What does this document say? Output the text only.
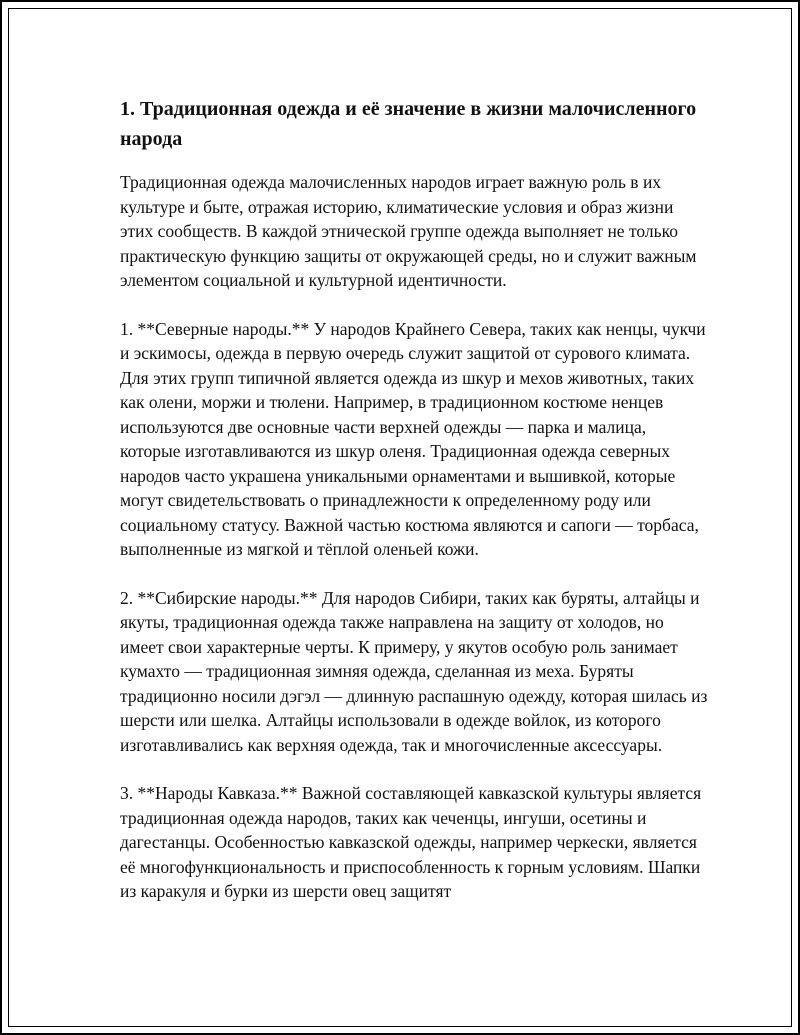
1. Традиционная одежда и её значение в жизни малочисленного народа

Традиционная одежда малочисленных народов играет важную роль в их культуре и быте, отражая историю, климатические условия и образ жизни этих сообществ. В каждой этнической группе одежда выполняет не только практическую функцию защиты от окружающей среды, но и служит важным элементом социальной и культурной идентичности.

1. **Северные народы.** У народов Крайнего Севера, таких как ненцы, чукчи и эскимосы, одежда в первую очередь служит защитой от сурового климата. Для этих групп типичной является одежда из шкур и мехов животных, таких как олени, моржи и тюлени. Например, в традиционном костюме ненцев используются две основные части верхней одежды — парка и малица, которые изготавливаются из шкур оленя. Традиционная одежда северных народов часто украшена уникальными орнаментами и вышивкой, которые могут свидетельствовать о принадлежности к определенному роду или социальному статусу. Важной частью костюма являются и сапоги — торбаса, выполненные из мягкой и тёплой оленьей кожи.

2. **Сибирские народы.** Для народов Сибири, таких как буряты, алтайцы и якуты, традиционная одежда также направлена на защиту от холодов, но имеет свои характерные черты. К примеру, у якутов особую роль занимает кумахто — традиционная зимняя одежда, сделанная из меха. Буряты традиционно носили дэгэл — длинную распашную одежду, которая шилась из шерсти или шелка. Алтайцы использовали в одежде войлок, из которого изготавливались как верхняя одежда, так и многочисленные аксессуары.

3. **Народы Кавказа.** Важной составляющей кавказской культуры является традиционная одежда народов, таких как чеченцы, ингуши, осетины и дагестанцы. Особенностью кавказской одежды, например черкески, является её многофункциональность и приспособленность к горным условиям. Шапки из каракуля и бурки из шерсти овец защитят
